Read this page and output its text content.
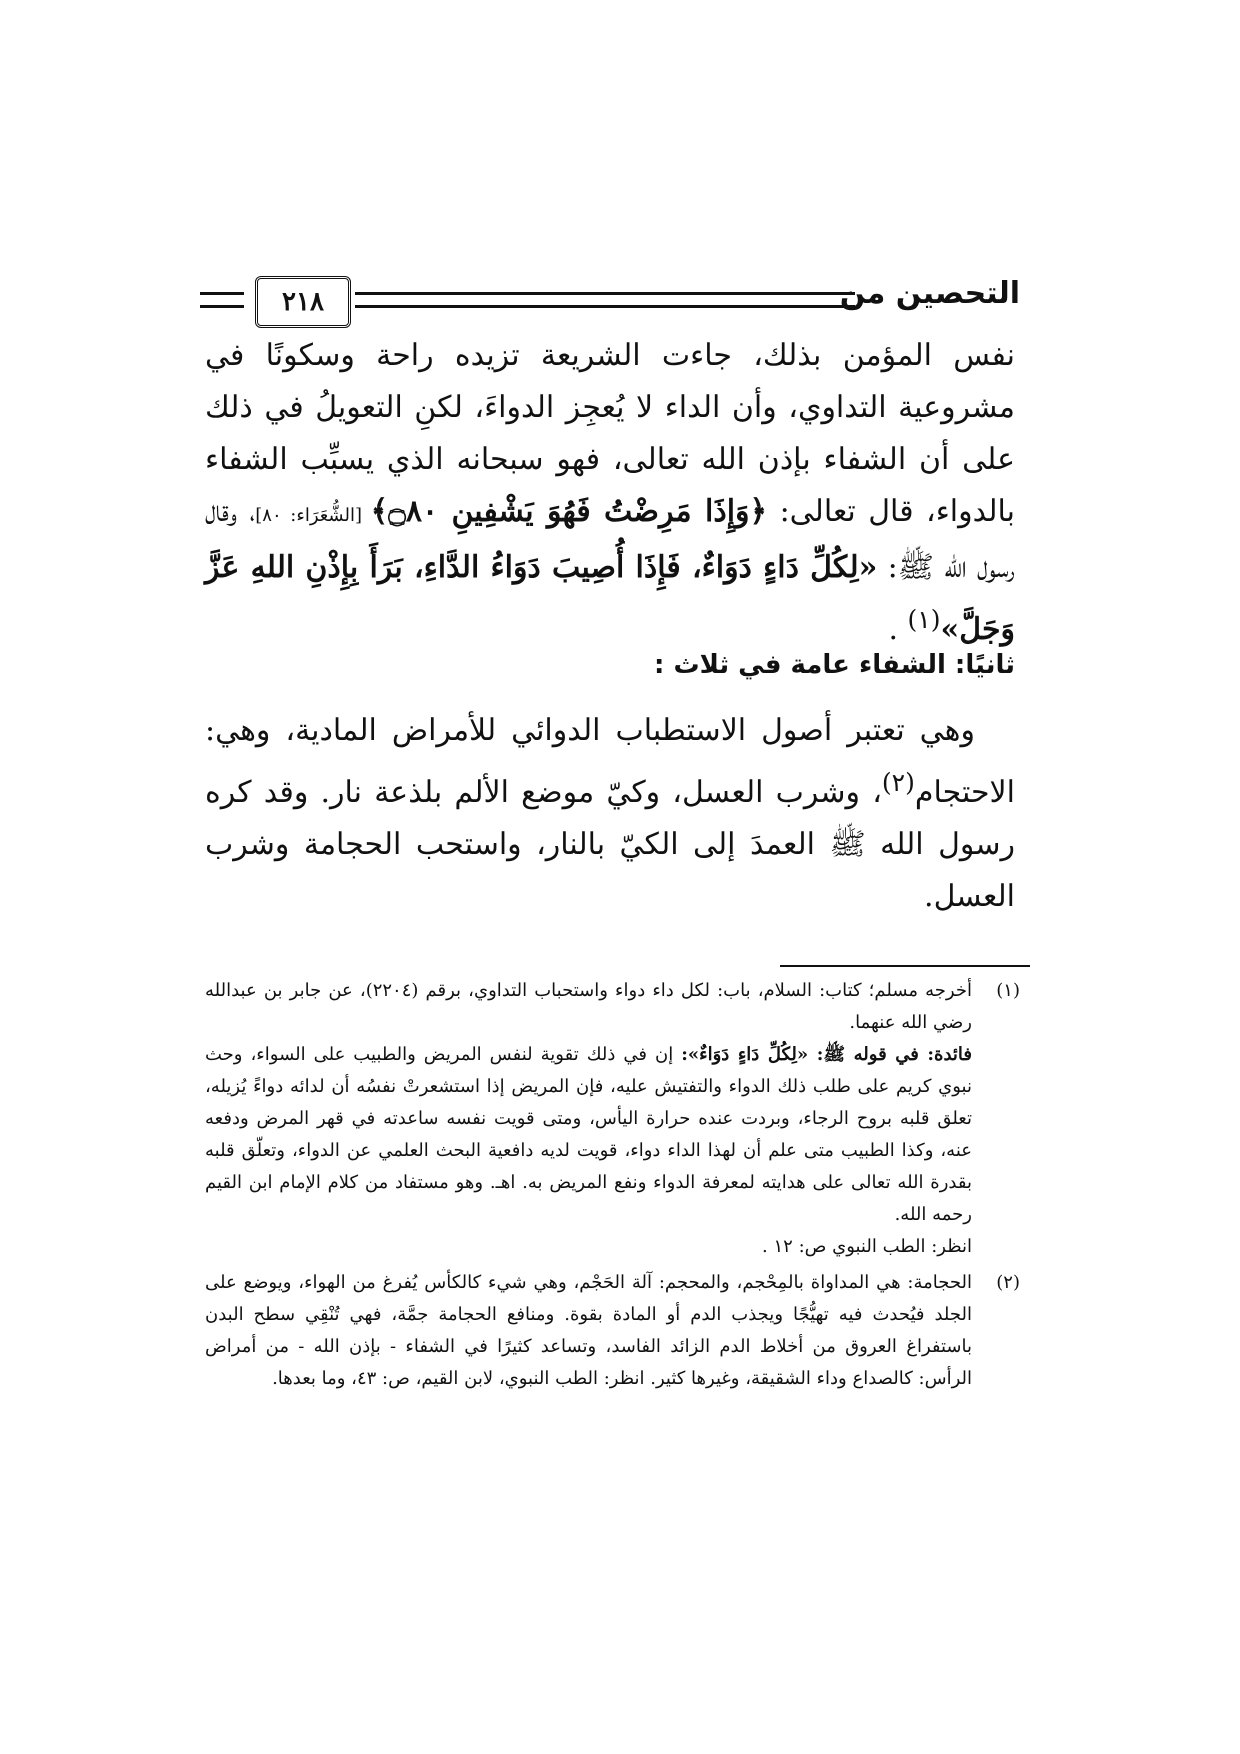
٢١٨	التحصين من

نفس المؤمن بذلك، جاءت الشريعة تزيده راحة وسكونًا في مشروعية التداوي، وأن الداء لا يُعجِز الدواءَ، لكنِ التعويلُ في ذلك على أن الشفاء بإذن الله تعالى، فهو سبحانه الذي يسبِّب الشفاء بالدواء، قال تعالى: ﴿وَإِذَا مَرِضْتُ فَهُوَ يَشْفِينِ ۝٨٠﴾ [الشُّعَرَاء: ٨٠]، وقال رسول الله ﷺ: «لِكُلِّ دَاءٍ دَوَاءٌ، فَإِذَا أُصِيبَ دَوَاءُ الدَّاءِ، بَرَأَ بِإِذْنِ اللهِ عَزَّ وَجَلَّ»$^{(١)}$ .

ثانيًا: الشفاء عامة في ثلاث :

وهي تعتبر أصول الاستطباب الدوائي للأمراض المادية، وهي: الاحتجام$^{(٢)}$، وشرب العسل، وكيّ موضع الألم بلذعة نار. وقد كره رسول الله ﷺ العمدَ إلى الكيّ بالنار، واستحب الحجامة وشرب العسل.

(١)

أخرجه مسلم؛ كتاب: السلام، باب: لكل داء دواء واستحباب التداوي، برقم (٢٢٠٤)، عن جابر بن عبدالله رضي الله عنهما.

فائدة: في قوله ﷺ: «لِكُلِّ دَاءٍ دَوَاءٌ»: إن في ذلك تقوية لنفس المريض والطبيب على السواء، وحث نبوي كريم على طلب ذلك الدواء والتفتيش عليه، فإن المريض إذا استشعرتْ نفسُه أن لدائه دواءً يُزيله، تعلق قلبه بروح الرجاء، وبردت عنده حرارة اليأس، ومتى قويت نفسه ساعدته في قهر المرض ودفعه عنه، وكذا الطبيب متى علم أن لهذا الداء دواء، قويت لديه دافعية البحث العلمي عن الدواء، وتعلّق قلبه بقدرة الله تعالى على هدايته لمعرفة الدواء ونفع المريض به. اهـ. وهو مستفاد من كلام الإمام ابن القيم رحمه الله.

انظر: الطب النبوي ص: ١٢ .

(٢)

الحجامة: هي المداواة بالمِحْجم، والمحجم: آلة الحَجْم، وهي شيء كالكأس يُفرغ من الهواء، ويوضع على الجلد فيُحدث فيه تهيُّجًا ويجذب الدم أو المادة بقوة. ومنافع الحجامة جمَّة، فهي تُنْقِي سطح البدن باستفراغ العروق من أخلاط الدم الزائد الفاسد، وتساعد كثيرًا في الشفاء - بإذن الله - من أمراض الرأس: كالصداع وداء الشقيقة، وغيرها كثير. انظر: الطب النبوي، لابن القيم، ص: ٤٣، وما بعدها.
